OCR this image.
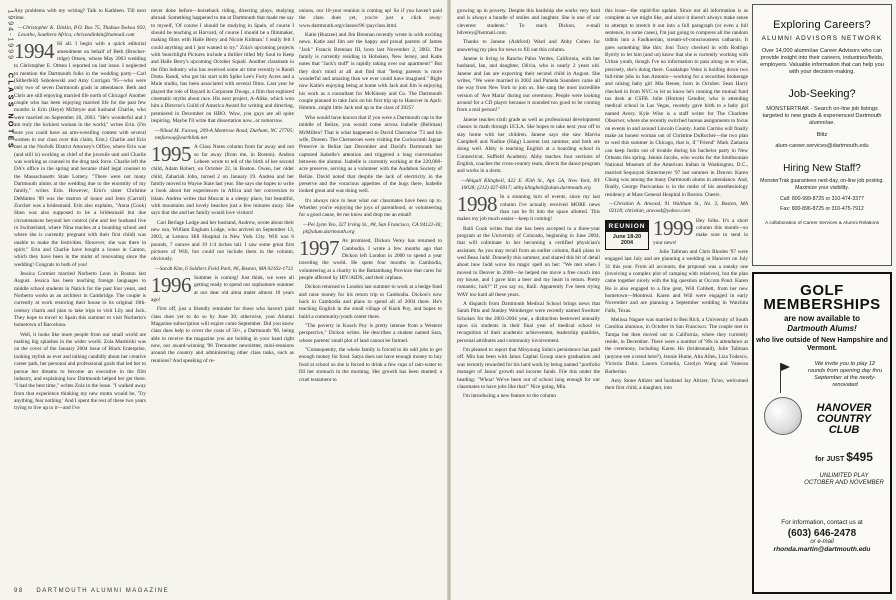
1994-1999   CLASS NOTES

Any problems with my writing? Talk to Kathleen. Till next time.

—Christopher K. Dinkin, P.O. Box 75, Thabaa-Tsekoa 950, Lesotho, Southern Africa; chrisondinkin@hotmail.com

1994 Hi all. I begin with a quick editorial amendment on behalf of Beth (Brocker-ridge) Ottsen, whose May 2003 wedding to Christopher E. Ottsen I reported on last issue. I neglected to mention the Dartmouth folks in the wedding party—Carl (Silberfeld) Sobolewski and Amy Corrigan '95—who were only two of seven Dartmouth grads in attendance. Beth and Chris are still enjoying married life north of Chicago! Another couple who has been enjoying married life for the past few months is Erin (Heye) McIntyre and husband Charlie, who were married on September 20, 2003. "He's wonderful and I am truly the luckiest woman in the world," writes Erin. (I'm sure you could have an arm-wrestling contest with several women in our class over this claim, Erin.) Charlie and Erin met at the Norfolk District Attorney's Office, where Erin was (and still is) working as chief of the juvenile unit and Charlie was working as counsel to the drug task force. Charlie left the DA's office in the spring and became chief legal counsel to the Massachusetts State Lottery. "There were not many Dartmouth alums at the wedding due to the enormity of my family," writes Erin. However, Erin's sister Christine DeMatteo '89 was the matron of honor and Jenn (Carroll) Zurcher was a bridesmaid. Erin also explains, "Anna (Cook) Shen was also supposed to be a bridesmaid but due circumstances beyond her control (she and her husband live in Switzerland, where Nina teaches at a boarding school and where she is currently pregnant with their first child) was unable to make the festivities. However, she was there in spirit." Erin and Charlie have bought a house in Canton, which they have been in the midst of renovating since the wedding! Congrats to both of you!

Jessica Cormier married Norberto Leon in Boston last August. Jessica has been teaching foreign languages to middle school students in Natick for the past four years, and Norberto works as an architect in Cambridge. The couple is currently at work restoring their house to its original 19th-century charm and plan to take trips to visit Lily and Jack. They hope to travel to Spain this summer to visit Norberto's hometown of Barcelona.

Well, it looks like more people from our small world are making big splashes in the wider world. Zola Mashiriki was on the cover of the January 2004 issue of Black Enterprise, looking stylish as ever and talking candidly about her creative career path, her personal and professional goals that led her to pursue her dreams to become an executive in the film industry, and explaining how Dartmouth helped her get there. "I had the best time," writes Zola in the issue. "I walked away from that experience thinking my new motto would be, 'Try anything, fear nothing.' And I spent the rest of these two years trying to live up to it—and I've

never done before—horseback riding, directing plays, studying abroad. Something happened to me at Dartmouth that made me say to myself, 'Of course I should be studying in Spain, of course I should be teaching at Harvard, of course I should be a filmmaker, making films with Halle Berry and Nicole Kidman.' I really felt I could anything and I just wanted to try." Zola's upcoming projects with Searchlight Pictures include a thriller titled My Soul to Keep and Halle Berry's upcoming October Squall. Another classmate in the film industry who has received some air time recently is Randi Dotta. Randi, who got his start with Spike Lee's Forty Acres and a Mule studio, has been associated with several films. Last year he played the role of Bayard in Corporate Dwags, a film that explored cinematic myths about race. His next project, A-Alike, which won him a Director's Guild of America Award for writing and directing, premiered in December on HBO. Wow, you guys are all quite inspiring. Maybe I'll write that dissertation now...or tomorrow.

—Nihad M. Farooq, 209-A Montrose Road, Durham, NC 27705; nmfarooq@earthlink.net

1995 A Class Notes column from far away and not so far away (from me, in Boston). Andrea Lebeen wrote to tell of the birth of her second child, Adam Robert, on October 22, in Boston. Owen, her older child, Zahariah John, turned 2 on January 19. Andrea and her family moved to Wayne State last year. She says she hopes to write a book about her experiences in Africa and her conversion to Islam. Andrea writes that Muscat is a sleepy place, but beautiful, with mountains and lovely beaches just a few minutes away. She says that she and her family would love visitors!

Cari Berlage Lodge and her husband, Andrew, wrote about their new son, William Engham Lodge, who arrived on September 13, 2003, at Lennox Hill Hospital in New York City. Will was 6 pounds, 7 ounces and 19 1/4 inches tall. I saw some great first pictures of Will, but could not include them in the column, obviously.

—Sarah Kim, 6 Soldiers Field Park, #6, Boston, MA 02163-1712

1996 Summer is coming! Just think, we were all getting ready to spend our sophomore summer at our dear old alma mater almost 10 years ago!

First off, just a friendly reminder for those who haven't paid class dues yet to do so by June 30; otherwise, your Alumni Magazine subscription will expire come September. Did you know class dues help to cover the costs of 50+, a Dartmouth '96, being able to receive the magazine you are holding in your hand right now, our award-winning '96 Tremonter newsletter, mini-reunions around the country and administering other class tasks, such as reunions? And speaking of re-

unions, our 10-year reunion is coming up! So if you haven't paid the class dues yet, you're just a click away: www.dartmouth.org/classes/96 /payclass.html.

Katie (Buzzee) and Jim Brennan recently wrote in with exciting news. Katie and Jim are the happy and proud parents of James "Jack" Francis Brennan III, born last November 2, 2003. The family is currently residing in Hoboken, New Jersey, and Katie notes that "Jack's stuff" is rapidly taking over our apartment!" But they don't mind at all and find that "being parents is more wonderful and amazing than we ever could have imagined." Right now Katie's enjoying being at home with Jack and Jim is enjoying his work as a consultant for McKinsey and Co. The Dartmouth couple planned to take Jack on his first trip up to Hanover in April. Hmmm...might little Jack end up in the class of 2025?

Who would have known that if you were a Dartmouth cap in the middle of Belize, you would come across Isabelle (Beliman) McMillen? That is what happened to David Cherneroe '73 and his wife, Doreen. The Cherneroes were visiting the Cockscomb Jaguar Preserve in Belize last December and David's Dartmouth hat captured Isabelle's attention and triggered a long conversation between the alumni. Isabelle is currently working at the 220,000-acre preserve, serving as a volunteer with the Audubon Society of Belize. David noted that despite the lack of electricity in the preserve and the voracious appetites of the bugs there, Isabelle looked great and was doing well.

It's always nice to hear what our classmates have been up to. Whether you're enjoying the joys of parenthood, or volunteering for a good cause, let me know and drop me an email!

—Pei Lynn Yeo, 327 Irving St., #8, San Francisco, CA 94122-36; pl@alum.dartmouth.org

1997 As promised, Dickon Verey has returned to Cambodia. I wrote a few months ago that Dickon left London in 2000 to spend a year traveling the world. He spent four months in Cambodia, volunteering at a charity in the Battambang Province that cares for people affected by HIV/AIDS, and their orphans.

Dickon returned to London last summer to work at a hedge fund and raise money for his return trip to Cambodia. Dickon's now back in Cambodia and plans to spend all of 2004 there. He's teaching English in the small village of Kaoh Poy, and hopes to build a community/youth center there.

"The poverty in Koach Poy is pretty intense from a Western perspective," Dickon writes. He describes a student named Sara, whose parents' small plot of land cannot be farmed.

"Consequently, the whole family is forced to do odd jobs to get enough money for food. Satya does not have enough money to buy food at school so she is forced to drink a few cups of rain-water to fill her stomach in the morning. Her growth has been stunted; a cruel testament to

growing up in poverty. Despite this hardship she works very hard and is always a bundle of smiles and laughter. She is one of our cleverest students." To reach Dickon, e-mail hdverey@hotmail.com.

Thanks to Janene (Ashford) Ward and Abby Cohen for answering my plea for news to fill out this column.

Janene is living in Rancho Palos Verdes, California, with her husband, Ian, and daughter, Olivia, who is nearly 2 years old. Janene and Ian are expecting their second child in August. She writes, "We were married in 2002 and Pamela Saunders came all the way from New York to join us. She sang the most incredible version of 'Ave Maria' during our ceremony. People were looking around for a CD player because it sounded too good to be coming from a real person!"

Janene teaches sixth grade as well as professional development classes in math through UCLA. She hopes to take next year off to stay home with her children. Janene says she saw Marvia Campbell and Nadine (Haig) Laurent last summer, and both are doing well. Abby is teaching English at a boarding school in Connecticut, Suffield Academy. Abby teaches four sections of English, coaches the cross-country team, directs the dance program and works in a dorm.

—Abigail Klingbeil, 422 E. 85th St., Apt. 5A, New York, NY 10028; (212) 427-6017; abby.klingbeil@alum.dartmouth.org

1998 In a stunning turn of events, since my last column I've actually received MORE news than can be fit into the space allotted. This makes my job much easier—keep it coming!

Raili Cook writes that she has been accepted to a three-year program at the University of Colorado, beginning in June 2004, that will culminate in her becoming a certified physician's assistant. As you may recall from an earlier column, Raili plans to wed Beau Judd. Donnelly this summer, and shared this bit of detail about how Judd wove his magic spell on her: "We met when I moved to Denver in 2000—he helped me move a free couch into my house, and I gave him a beer and my heart in return. Pretty romantic, huh?" If you say so, Raili. Apparently I've been trying WAY too hard all these years.

A dispatch from Dartmouth Medical School brings news that Sarah Pitts and Stanley Weinberger were recently named Sweitzer Scholars for the 2003-2004 year, a distinction bestowed annually upon six students in their final year of medical school in recognition of their academic achievement, leadership qualities, personal attributes and community involvement.

I'm pleased to report that Minyoung Sohn's persistence has paid off. Min has been with Janus Capital Group since graduation and was recently rewarded for his hard work by being named "portfolio manager of Janus' growth and income funds. File this under the heading: "Whoa! We've been out of school long enough for our classmates to have jobs like that!" Nice going, Min.

I'm introducing a new feature to the column

this issue—the rapid-fire update. Since not all information is as complete as we might like, and since it doesn't always make sense to attempt to stretch it out into a full paragraph (or even a full sentence, in some cases), I'm just going to compress all the random tidbits into a Faulknerian, stream-of-consciousness catharsis. It goes something like this: Joni Tracy checked in with Rodrigo Byerly to let him (and us) know that she is currently working with Urban youth, though I've no information to pass along as to what, precisely, she's doing there. Guadalupe Velez is holding down two full-time jobs in San Antonio—working for a securities brokerage and raising baby girl Mia Renee, born in October. Sean Harry checked in from NYC to let us know he's running the mutual fund tax desk at CSFB. Julie (Horton) Gendler, who is attending medical school in Las Vegas, recently gave birth to a baby girl named Avery. Kyle Wise is a staff writer for The Charlotte Observer, where she recently switched bureau assignments to focus on events in and around Lincoln County. Justin Carrino will finally make an honest woman out of Christine DuRocher—the two plan to wed this summer in Chicago, that is, if "Friend" Mark Zamaria can keep Justin out of trouble during his bachelor party in New Orleans this spring. Jennie Jacobs, who works for the Smithsonian National Museum of the American Indian in Washington, D.C., married Sequoyah Simermeyer '97 last summer in Denver. Karen Chung was among the many Dartmouth alums in attendance. And, finally, George Pasivankas is in the midst of his anesthesiology residency at Mass General Hospital in Boston. Cheers.

—Christian A. Atwood, 91 Waltham St., No. 3, Boston, MA 02118; christian_atwood@yahoo.com

REUNION
June 18-20
2004
1999 Hey folks. It's a short column this month—so make sure to send in your news!

Julie Tallman and Chris Rhodes '97 were engaged last July and are planning a wedding in Hanover on July 31 this year. From all accounts, the proposal was a sneaky one (involving a complex plot of camping with relatives), but the plan came together nicely with the big question at Occom Pond. Karen Ho is also engaged to a fine gent, Will Cobbett, from her new hometown—Montreal. Karen and Will were engaged in early November and are planning a September wedding in Watchita Falls, Texas.

Melissa Nagare was married to Ben Rich, a University of South Carolina alumnus, in October in San Francisco. The couple met in Tampa but then moved out to California, where they currently reside, in December. There were a number of '99s in attendance at the ceremony, including Karen Ho (bridesmaid), Julie Tallman (anyone see a trend here?), Jennie Hume, Alta Allen, Liza Todesco, Victoria Dahir, Lauren Cornella, Carolyn Wang and Vanessa Barberian.

Amy Stone Altizer and husband Jay Altizer, Tu'oo, welcomed their first child, a daughter, into

Exploring Careers?
ALUMNI ADVISORS NETWORK
Over 14,000 alumni/ae Career Advisors who can provide insight into their careers, industries/fields, employers. Valuable information that can help you with your decision-making.
Job-Seeking?
MONSTERTRAK - Search on-line job listings targeted to new grads & experienced Dartmouth alumni/ae.
Blitz
alum-career.services@dartmouth.edu
Hiring New Staff?
MonsterTrak guarantees next-day, on-line job posting. Maximize your visibility.
Call: 800-999-8725 or 310-474-3377
Fax: 800-896-8725 or 310-475-7912
A collaboration of Career Services & Alumni Relations
GOLF MEMBERSHIPS
are now available to
Dartmouth Alums!
who live outside of New Hampshire and Vermont.
We invite you to play 12 rounds from opening day thru September at the newly-renovated
HANOVER COUNTRY CLUB
for JUST $495
UNLIMITED PLAY OCTOBER AND NOVEMBER
For information, contact us at
(603) 646-2478
or e-mail
rhonda.martin@dartmouth.edu
98 DARTMOUTH ALUMNI MAGAZINE
